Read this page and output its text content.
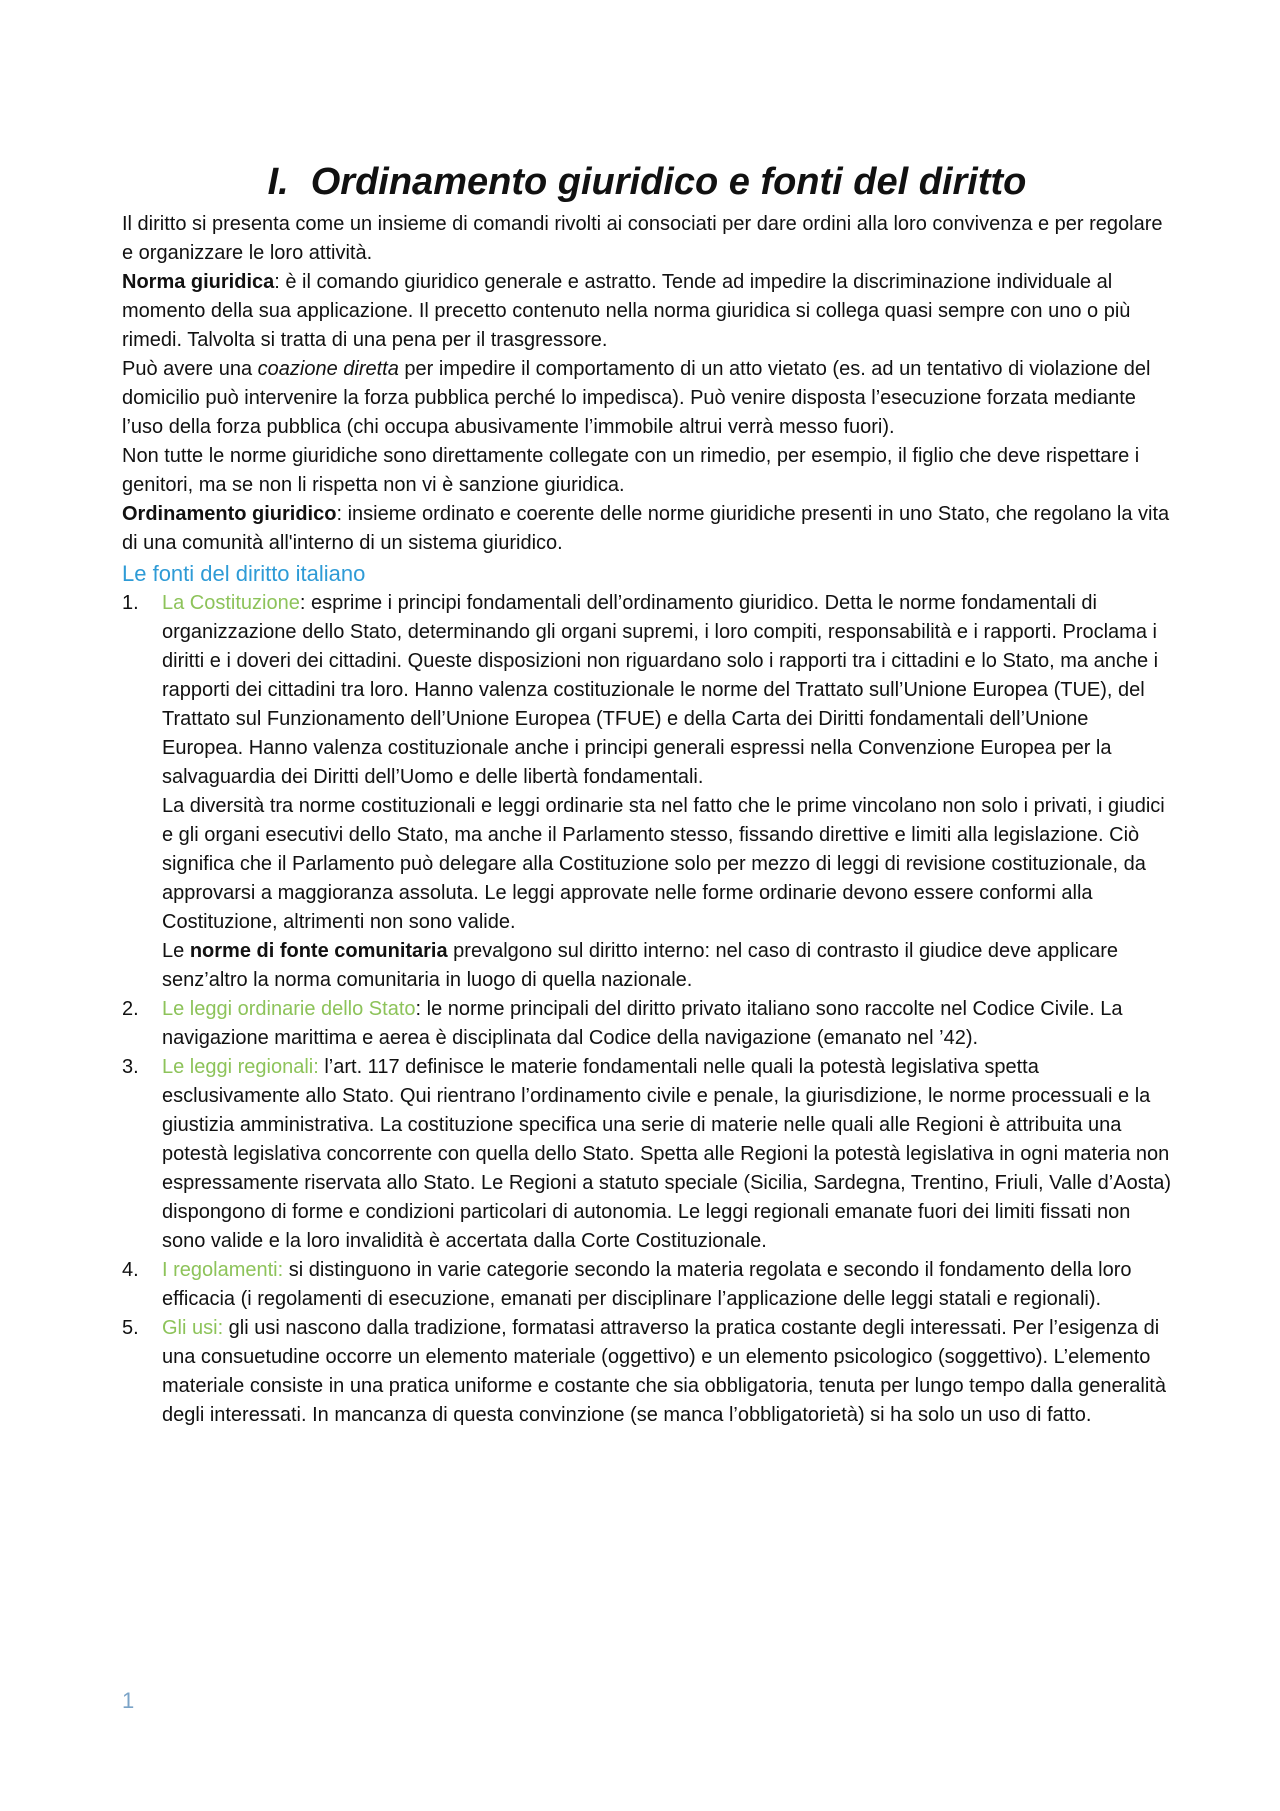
I. Ordinamento giuridico e fonti del diritto

Il diritto si presenta come un insieme di comandi rivolti ai consociati per dare ordini alla loro convivenza e per regolare e organizzare le loro attività.

Norma giuridica: è il comando giuridico generale e astratto. Tende ad impedire la discriminazione individuale al momento della sua applicazione. Il precetto contenuto nella norma giuridica si collega quasi sempre con uno o più rimedi. Talvolta si tratta di una pena per il trasgressore.

Può avere una coazione diretta per impedire il comportamento di un atto vietato (es. ad un tentativo di violazione del domicilio può intervenire la forza pubblica perché lo impedisca). Può venire disposta l’esecuzione forzata mediante l’uso della forza pubblica (chi occupa abusivamente l’immobile altrui verrà messo fuori).

Non tutte le norme giuridiche sono direttamente collegate con un rimedio, per esempio, il figlio che deve rispettare i genitori, ma se non li rispetta non vi è sanzione giuridica.

Ordinamento giuridico: insieme ordinato e coerente delle norme giuridiche presenti in uno Stato, che regolano la vita di una comunità all'interno di un sistema giuridico.

Le fonti del diritto italiano
1. La Costituzione: esprime i principi fondamentali dell’ordinamento giuridico. Detta le norme fondamentali di organizzazione dello Stato, determinando gli organi supremi, i loro compiti, responsabilità e i rapporti. Proclama i diritti e i doveri dei cittadini. Queste disposizioni non riguardano solo i rapporti tra i cittadini e lo Stato, ma anche i rapporti dei cittadini tra loro. Hanno valenza costituzionale le norme del Trattato sull’Unione Europea (TUE), del Trattato sul Funzionamento dell’Unione Europea (TFUE) e della Carta dei Diritti fondamentali dell’Unione Europea. Hanno valenza costituzionale anche i principi generali espressi nella Convenzione Europea per la salvaguardia dei Diritti dell’Uomo e delle libertà fondamentali.

La diversità tra norme costituzionali e leggi ordinarie sta nel fatto che le prime vincolano non solo i privati, i giudici e gli organi esecutivi dello Stato, ma anche il Parlamento stesso, fissando direttive e limiti alla legislazione. Ciò significa che il Parlamento può delegare alla Costituzione solo per mezzo di leggi di revisione costituzionale, da approvarsi a maggioranza assoluta. Le leggi approvate nelle forme ordinarie devono essere conformi alla Costituzione, altrimenti non sono valide.

Le norme di fonte comunitaria prevalgono sul diritto interno: nel caso di contrasto il giudice deve applicare senz’altro la norma comunitaria in luogo di quella nazionale.

2. Le leggi ordinarie dello Stato: le norme principali del diritto privato italiano sono raccolte nel Codice Civile. La navigazione marittima e aerea è disciplinata dal Codice della navigazione (emanato nel ’42).

3. Le leggi regionali: l’art. 117 definisce le materie fondamentali nelle quali la potestà legislativa spetta esclusivamente allo Stato. Qui rientrano l’ordinamento civile e penale, la giurisdizione, le norme processuali e la giustizia amministrativa. La costituzione specifica una serie di materie nelle quali alle Regioni è attribuita una potestà legislativa concorrente con quella dello Stato. Spetta alle Regioni la potestà legislativa in ogni materia non espressamente riservata allo Stato. Le Regioni a statuto speciale (Sicilia, Sardegna, Trentino, Friuli, Valle d’Aosta) dispongono di forme e condizioni particolari di autonomia. Le leggi regionali emanate fuori dei limiti fissati non sono valide e la loro invalidità è accertata dalla Corte Costituzionale.

4. I regolamenti: si distinguono in varie categorie secondo la materia regolata e secondo il fondamento della loro efficacia (i regolamenti di esecuzione, emanati per disciplinare l’applicazione delle leggi statali e regionali).

5. Gli usi: gli usi nascono dalla tradizione, formatasi attraverso la pratica costante degli interessati. Per l’esigenza di una consuetudine occorre un elemento materiale (oggettivo) e un elemento psicologico (soggettivo). L’elemento materiale consiste in una pratica uniforme e costante che sia obbligatoria, tenuta per lungo tempo dalla generalità degli interessati. In mancanza di questa convinzione (se manca l’obbligatorietà) si ha solo un uso di fatto.

1
